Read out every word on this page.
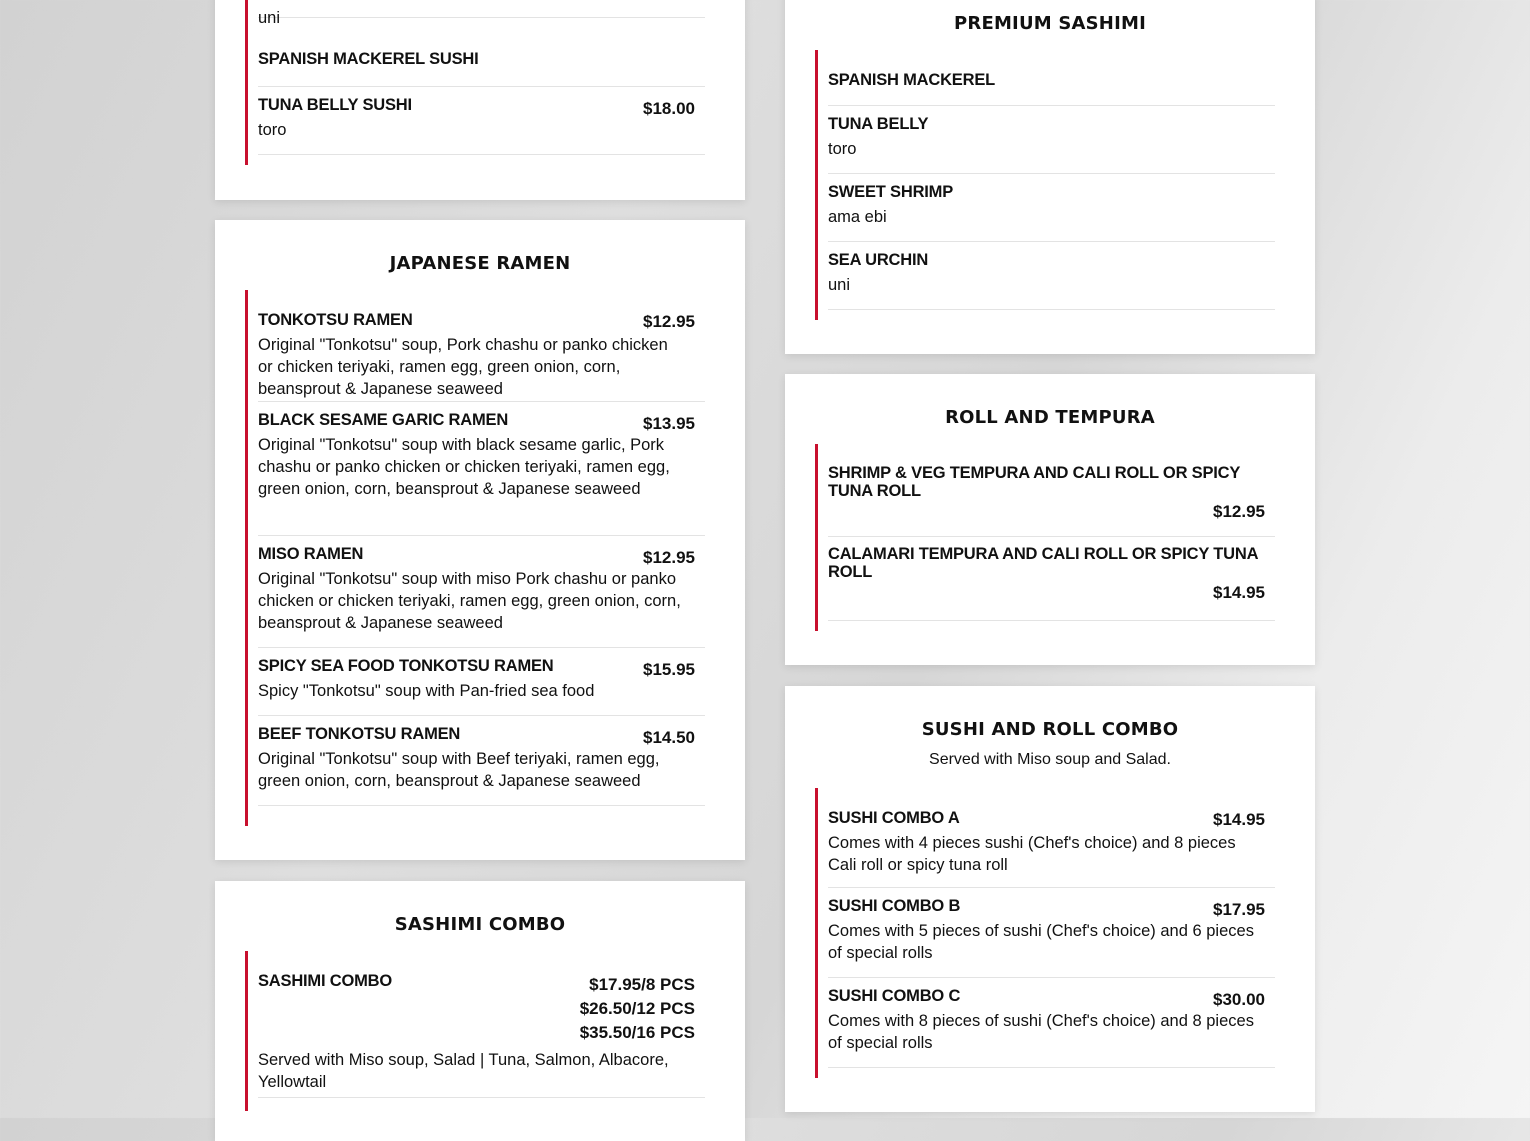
uni
SPANISH MACKEREL SUSHI
TUNA BELLY SUSHI	$18.00
toro
JAPANESE RAMEN
TONKOTSU RAMEN	$12.95
Original "Tonkotsu" soup, Pork chashu or panko chicken or chicken teriyaki, ramen egg, green onion, corn, beansprout & Japanese seaweed
BLACK SESAME GARIC RAMEN	$13.95
Original "Tonkotsu" soup with black sesame garlic, Pork chashu or panko chicken or chicken teriyaki, ramen egg, green onion, corn, beansprout & Japanese seaweed
MISO RAMEN	$12.95
Original "Tonkotsu" soup with miso Pork chashu or panko chicken or chicken teriyaki, ramen egg, green onion, corn, beansprout & Japanese seaweed
SPICY SEA FOOD TONKOTSU RAMEN	$15.95
Spicy "Tonkotsu" soup with Pan-fried sea food
BEEF TONKOTSU RAMEN	$14.50
Original "Tonkotsu" soup with Beef teriyaki, ramen egg, green onion, corn, beansprout & Japanese seaweed
SASHIMI COMBO
SASHIMI COMBO	$17.95/8 PCS
$26.50/12 PCS
$35.50/16 PCS
Served with Miso soup, Salad | Tuna, Salmon, Albacore, Yellowtail
PREMIUM SASHIMI
SPANISH MACKEREL
TUNA BELLY
toro
SWEET SHRIMP
ama ebi
SEA URCHIN
uni
ROLL AND TEMPURA
SHRIMP & VEG TEMPURA AND CALI ROLL OR SPICY TUNA ROLL
$12.95
CALAMARI TEMPURA AND CALI ROLL OR SPICY TUNA ROLL
$14.95
SUSHI AND ROLL COMBO
Served with Miso soup and Salad.
SUSHI COMBO A	$14.95
Comes with 4 pieces sushi (Chef's choice) and 8 pieces Cali roll or spicy tuna roll
SUSHI COMBO B	$17.95
Comes with 5 pieces of sushi (Chef's choice) and 6 pieces of special rolls
SUSHI COMBO C	$30.00
Comes with 8 pieces of sushi (Chef's choice) and 8 pieces of special rolls
